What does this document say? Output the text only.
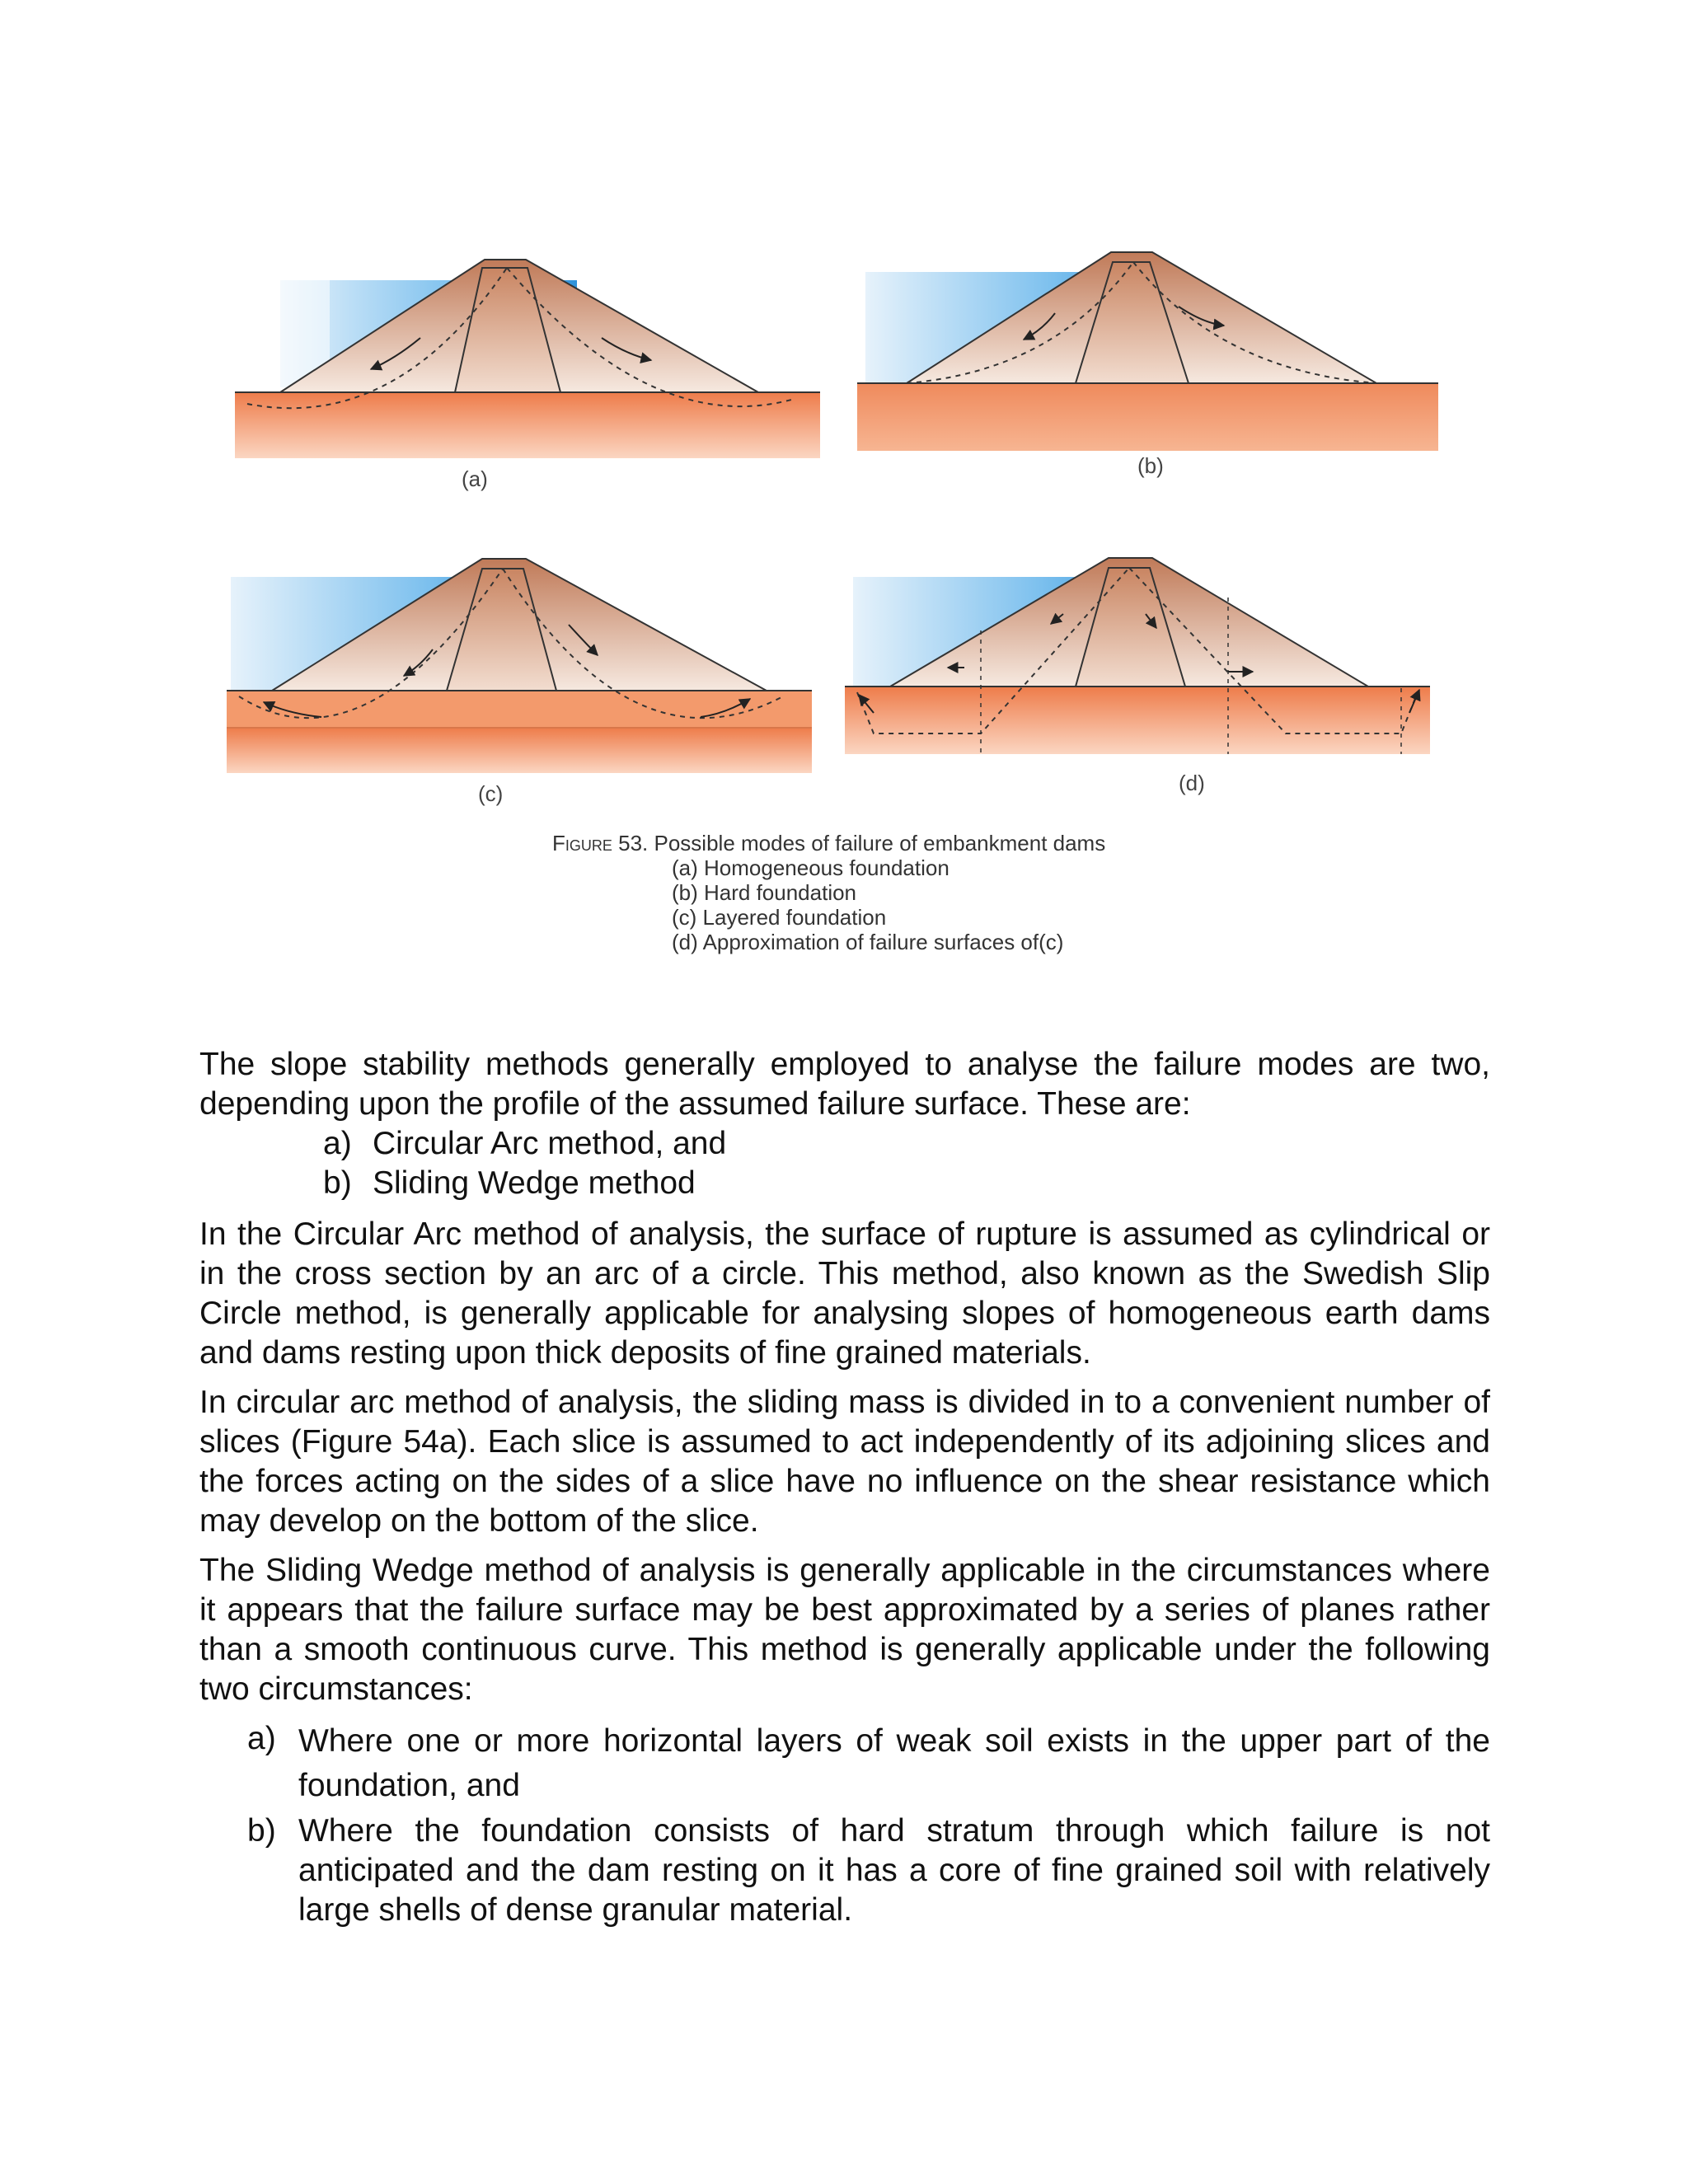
(a)
(b)
(c)	(d)
Figure 53. Possible modes of failure of embankment dams
(a) Homogeneous foundation
(b) Hard foundation
(c) Layered foundation
(d) Approximation of failure surfaces of(c)
The slope stability methods generally employed to analyse the failure modes are two, depending upon the profile of the assumed failure surface. These are:
a) Circular Arc method, and
b) Sliding Wedge method
In the Circular Arc method of analysis, the surface of rupture is assumed as cylindrical or in the cross section by an arc of a circle. This method, also known as the Swedish Slip Circle method, is generally applicable for analysing slopes of homogeneous earth dams and dams resting upon thick deposits of fine grained materials.
In circular arc method of analysis, the sliding mass is divided in to a convenient number of slices (Figure 54a). Each slice is assumed to act independently of its adjoining slices and the forces acting on the sides of a slice have no influence on the shear resistance which may develop on the bottom of the slice.
The Sliding Wedge method of analysis is generally applicable in the circumstances where it appears that the failure surface may be best approximated by a series of planes rather than a smooth continuous curve. This method is generally applicable under the following two circumstances:
a) Where one or more horizontal layers of weak soil exists in the upper part of the foundation, and
b) Where the foundation consists of hard stratum through which failure is not anticipated and the dam resting on it has a core of fine grained soil with relatively large shells of dense granular material.
